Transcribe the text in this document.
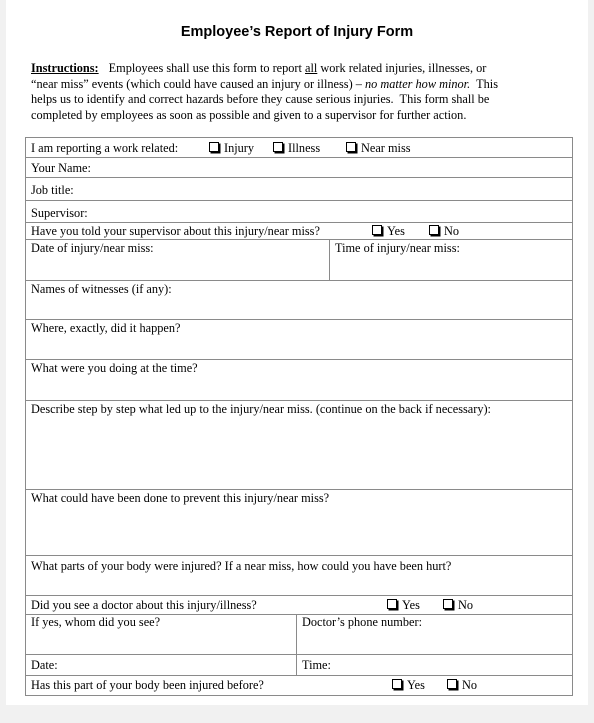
Employee’s Report of Injury Form
Instructions: Employees shall use this form to report all work related injuries, illnesses, or
“near miss” events (which could have caused an injury or illness) – no matter how minor.  This
helps us to identify and correct hazards before they cause serious injuries.  This form shall be
completed by employees as soon as possible and given to a supervisor for further action.
I am reporting a work related:	Injury	Illness	Near miss
Your Name:
Job title:
Supervisor:
Have you told your supervisor about this injury/near miss?	Yes	No
Date of injury/near miss:	Time of injury/near miss:
Names of witnesses (if any):
Where, exactly, did it happen?
What were you doing at the time?
Describe step by step what led up to the injury/near miss. (continue on the back if necessary):
What could have been done to prevent this injury/near miss?
What parts of your body were injured? If a near miss, how could you have been hurt?
Did you see a doctor about this injury/illness?	Yes	No
If yes, whom did you see?	Doctor’s phone number:
Date:	Time:
Has this part of your body been injured before?	Yes	No
